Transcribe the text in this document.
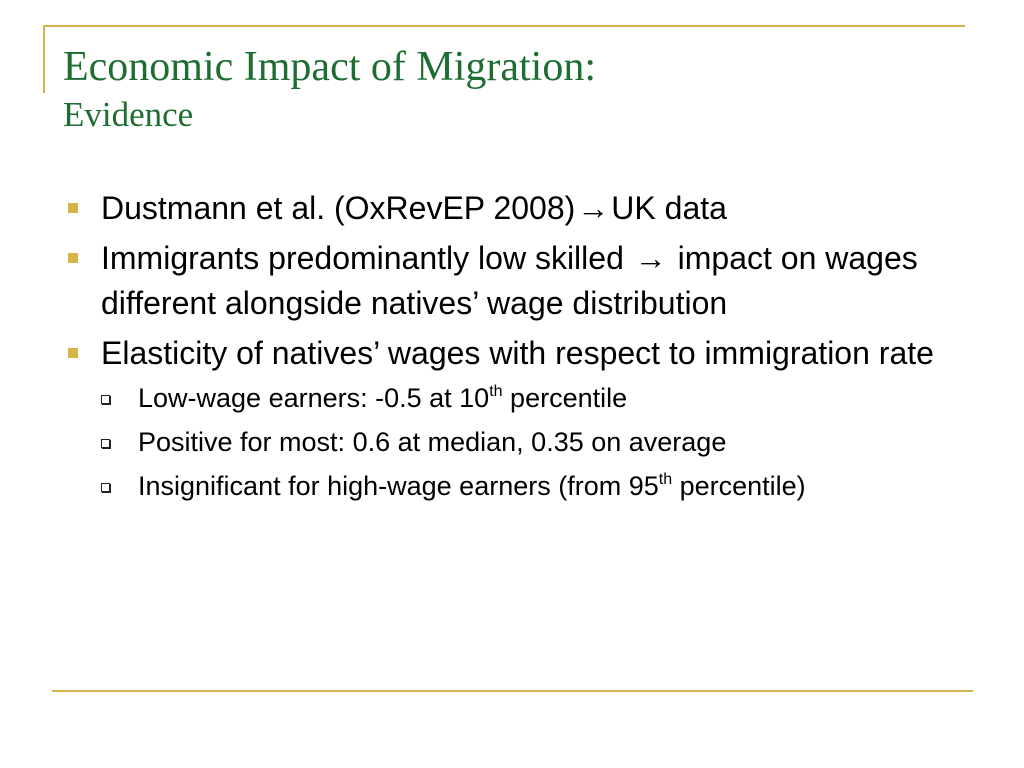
Economic Impact of Migration:
Evidence
Dustmann et al. (OxRevEP 2008)→UK data
Immigrants predominantly low skilled → impact on wages different alongside natives’ wage distribution
Elasticity of natives’ wages with respect to immigration rate
Low-wage earners: -0.5 at 10th percentile
Positive for most: 0.6 at median, 0.35 on average
Insignificant for high-wage earners (from 95th percentile)
